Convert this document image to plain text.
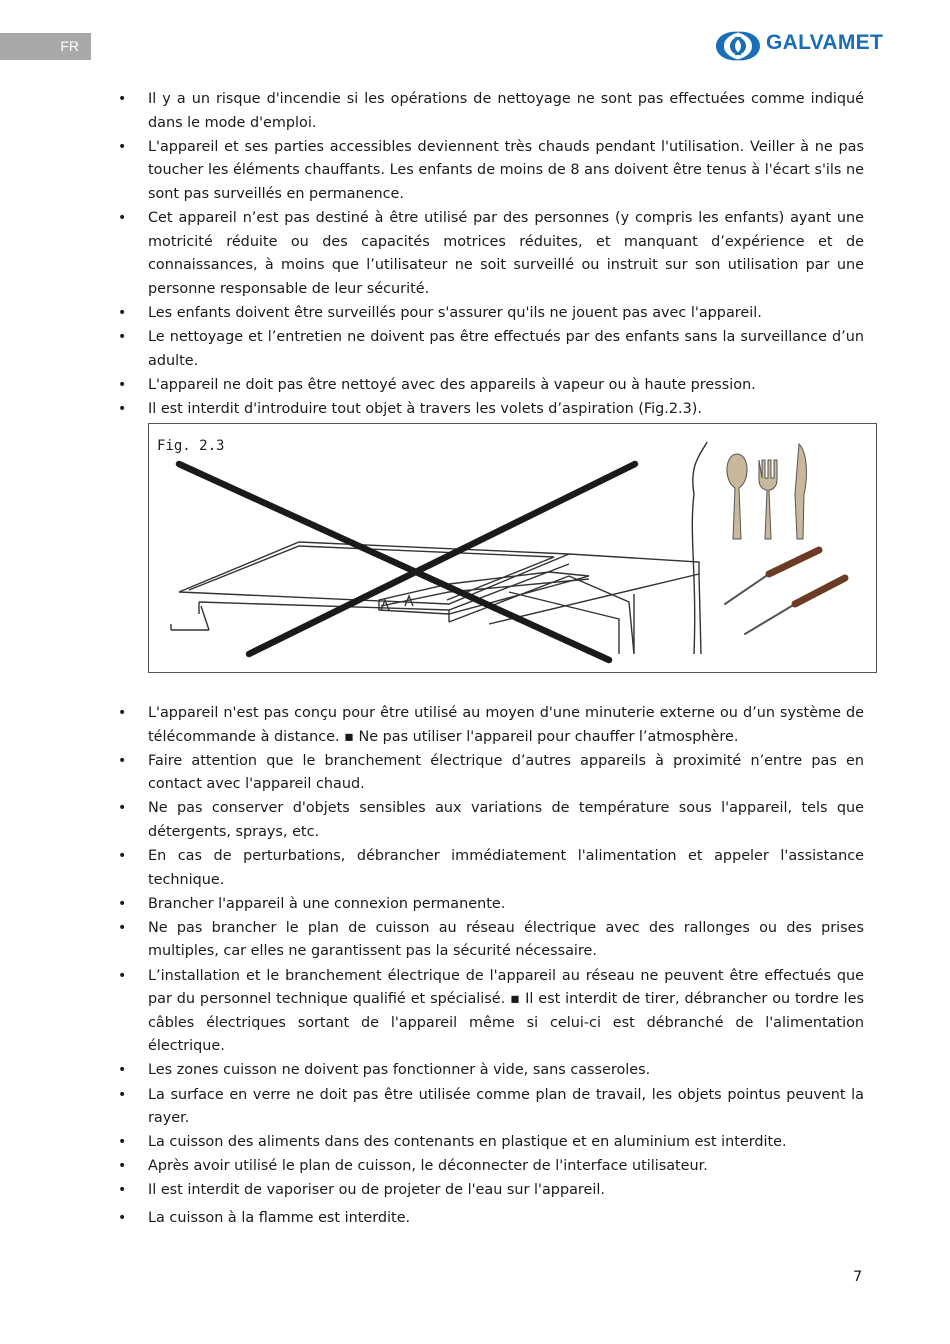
FR	GALVAMET
• Il y a un risque d'incendie si les opérations de nettoyage ne sont pas effectuées comme indiqué dans le mode d'emploi.
• L'appareil et ses parties accessibles deviennent très chauds pendant l'utilisation. Veiller à ne pas toucher les éléments chauffants. Les enfants de moins de 8 ans doivent être tenus à l'écart s'ils ne sont pas surveillés en permanence.
• Cet appareil n’est pas destiné à être utilisé par des personnes (y compris les enfants) ayant une motricité réduite ou des capacités motrices réduites, et manquant d’expérience et de connaissances, à moins que l’utilisateur ne soit surveillé ou instruit sur son utilisation par une personne responsable de leur sécurité.
• Les enfants doivent être surveillés pour s'assurer qu'ils ne jouent pas avec l'appareil.
• Le nettoyage et l’entretien ne doivent pas être effectués par des enfants sans la surveillance d’un adulte.
• L'appareil ne doit pas être nettoyé avec des appareils à vapeur ou à haute pression.
• Il est interdit d'introduire tout objet à travers les volets d’aspiration (Fig.2.3).
Fig. 2.3
• L'appareil n'est pas conçu pour être utilisé au moyen d'une minuterie externe ou d’un système de télécommande à distance. ▪ Ne pas utiliser l'appareil pour chauffer l’atmosphère.
• Faire attention que le branchement électrique d’autres appareils à proximité n’entre pas en contact avec l'appareil chaud.
• Ne pas conserver d'objets sensibles aux variations de température sous l'appareil, tels que détergents, sprays, etc.
• En cas de perturbations, débrancher immédiatement l'alimentation et appeler l'assistance technique.
• Brancher l'appareil à une connexion permanente.
• Ne pas brancher le plan de cuisson au réseau électrique avec des rallonges ou des prises multiples, car elles ne garantissent pas la sécurité nécessaire.
• L’installation et le branchement électrique de l'appareil au réseau ne peuvent être effectués que par du personnel technique qualifié et spécialisé. ▪ Il est interdit de tirer, débrancher ou tordre les câbles électriques sortant de l'appareil même si celui-ci est débranché de l'alimentation électrique.
• Les zones cuisson ne doivent pas fonctionner à vide, sans casseroles.
• La surface en verre ne doit pas être utilisée comme plan de travail, les objets pointus peuvent la rayer.
• La cuisson des aliments dans des contenants en plastique et en aluminium est interdite.
• Après avoir utilisé le plan de cuisson, le déconnecter de l'interface utilisateur.
• Il est interdit de vaporiser ou de projeter de l'eau sur l'appareil.
• La cuisson à la flamme est interdite.
7
